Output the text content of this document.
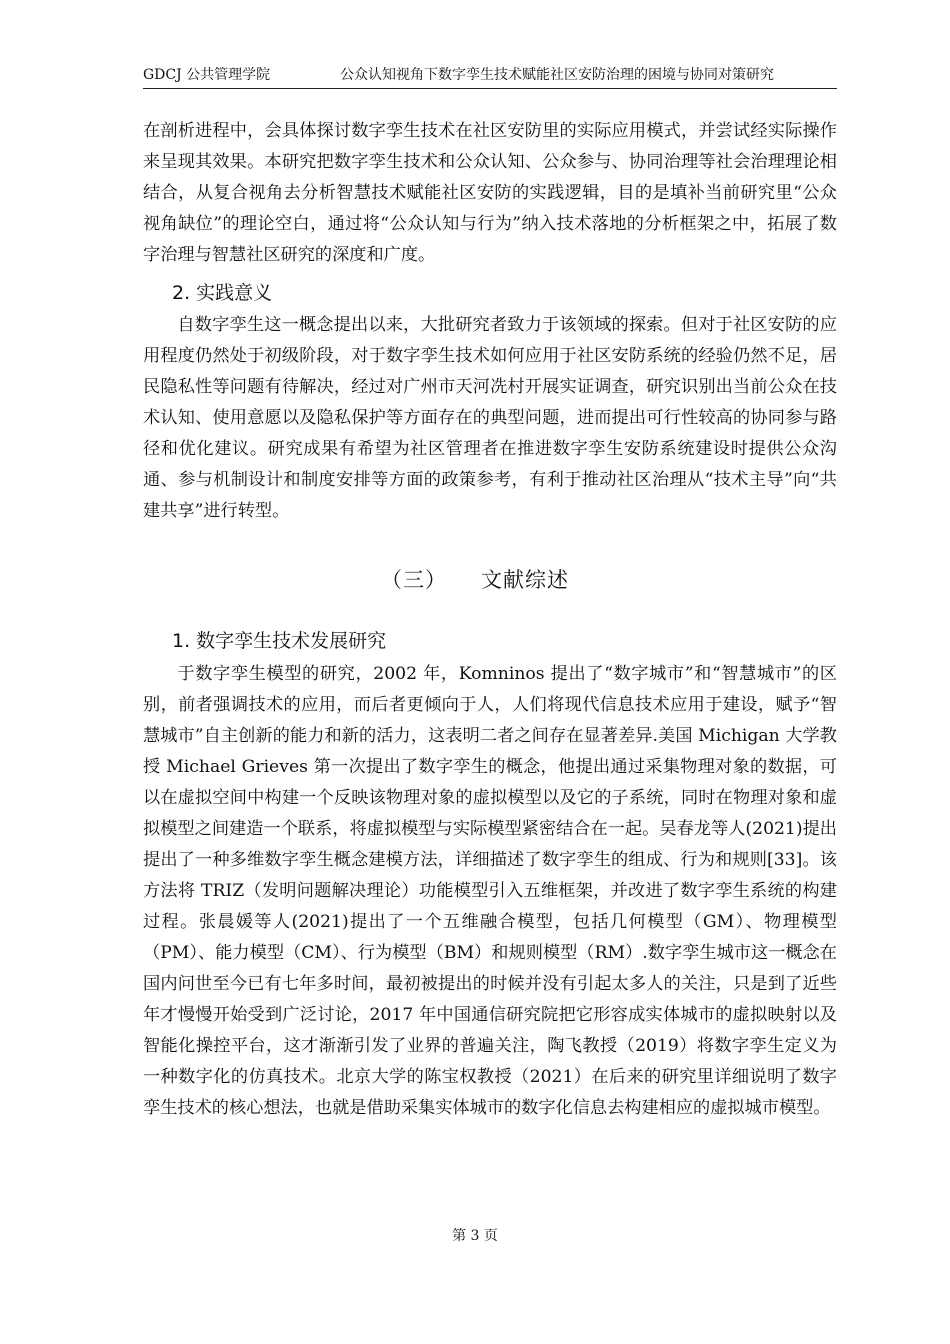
GDCJ 公共管理学院	公众认知视角下数字孪生技术赋能社区安防治理的困境与协同对策研究

在剖析进程中，会具体探讨数字孪生技术在社区安防里的实际应用模式，并尝试经实际操作来呈现其效果。本研究把数字孪生技术和公众认知、公众参与、协同治理等社会治理理论相结合，从复合视角去分析智慧技术赋能社区安防的实践逻辑，目的是填补当前研究里“公众视角缺位”的理论空白，通过将“公众认知与行为”纳入技术落地的分析框架之中，拓展了数字治理与智慧社区研究的深度和广度。

2. 实践意义

自数字孪生这一概念提出以来，大批研究者致力于该领域的探索。但对于社区安防的应用程度仍然处于初级阶段，对于数字孪生技术如何应用于社区安防系统的经验仍然不足，居民隐私性等问题有待解决，经过对广州市天河冼村开展实证调查，研究识别出当前公众在技术认知、使用意愿以及隐私保护等方面存在的典型问题，进而提出可行性较高的协同参与路径和优化建议。研究成果有希望为社区管理者在推进数字孪生安防系统建设时提供公众沟通、参与机制设计和制度安排等方面的政策参考，有利于推动社区治理从“技术主导”向“共建共享”进行转型。

（三） 文献综述
1. 数字孪生技术发展研究

于数字孪生模型的研究，2002 年，Komninos 提出了“数字城市”和“智慧城市”的区别，前者强调技术的应用，而后者更倾向于人，人们将现代信息技术应用于建设，赋予“智慧城市”自主创新的能力和新的活力，这表明二者之间存在显著差异.美国 Michigan 大学教授 Michael Grieves 第一次提出了数字孪生的概念，他提出通过采集物理对象的数据，可以在虚拟空间中构建一个反映该物理对象的虚拟模型以及它的子系统，同时在物理对象和虚拟模型之间建造一个联系，将虚拟模型与实际模型紧密结合在一起。吴春龙等人(2021)提出提出了一种多维数字孪生概念建模方法，详细描述了数字孪生的组成、行为和规则[33]。该方法将 TRIZ（发明问题解决理论）功能模型引入五维框架，并改进了数字孪生系统的构建过程。张晨媛等人(2021)提出了一个五维融合模型，包括几何模型（GM）、物理模型（PM）、能力模型（CM）、行为模型（BM）和规则模型（RM）.数字孪生城市这一概念在国内问世至今已有七年多时间，最初被提出的时候并没有引起太多人的关注，只是到了近些年才慢慢开始受到广泛讨论，2017 年中国通信研究院把它形容成实体城市的虚拟映射以及智能化操控平台，这才渐渐引发了业界的普遍关注，陶飞教授（2019）将数字孪生定义为一种数字化的仿真技术。北京大学的陈宝权教授（2021）在后来的研究里详细说明了数字孪生技术的核心想法，也就是借助采集实体城市的数字化信息去构建相应的虚拟城市模型。

第 3 页
